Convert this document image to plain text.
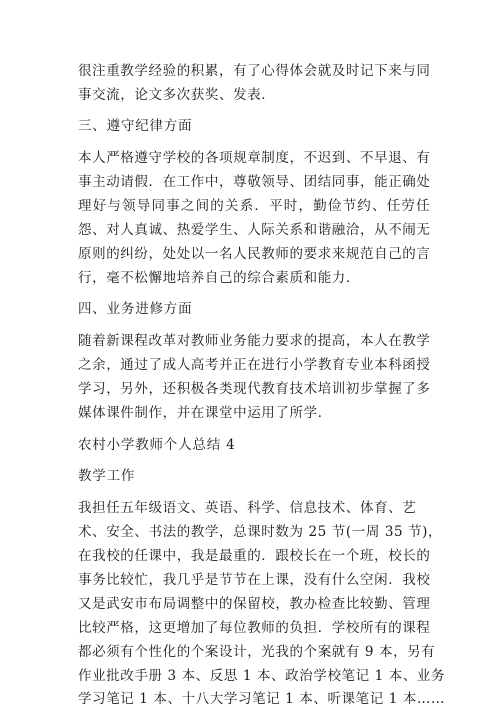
很注重教学经验的积累，有了心得体会就及时记下来与同
事交流，论文多次获奖、发表．
三、遵守纪律方面
本人严格遵守学校的各项规章制度，不迟到、不早退、有
事主动请假．在工作中，尊敬领导、团结同事，能正确处
理好与领导同事之间的关系．平时，勤俭节约、任劳任
怨、对人真诚、热爱学生、人际关系和谐融洽，从不闹无
原则的纠纷，处处以一名人民教师的要求来规范自己的言
行，毫不松懈地培养自己的综合素质和能力．
四、业务进修方面
随着新课程改革对教师业务能力要求的提高，本人在教学
之余，通过了成人高考并正在进行小学教育专业本科函授
学习，另外，还积极各类现代教育技术培训初步掌握了多
媒体课件制作，并在课堂中运用了所学．
农村小学教师个人总结 4
教学工作
我担任五年级语文、英语、科学、信息技术、体育、艺
术、安全、书法的教学，总课时数为 25 节(一周 35 节)，
在我校的任课中，我是最重的．跟校长在一个班，校长的
事务比较忙，我几乎是节节在上课，没有什么空闲．我校
又是武安市布局调整中的保留校，教办检查比较勤、管理
比较严格，这更增加了每位教师的负担．学校所有的课程
都必须有个性化的个案设计，光我的个案就有 9 本，另有
作业批改手册 3 本、反思 1 本、政治学校笔记 1 本、业务
学习笔记 1 本、十八大学习笔记 1 本、听课笔记 1 本……
